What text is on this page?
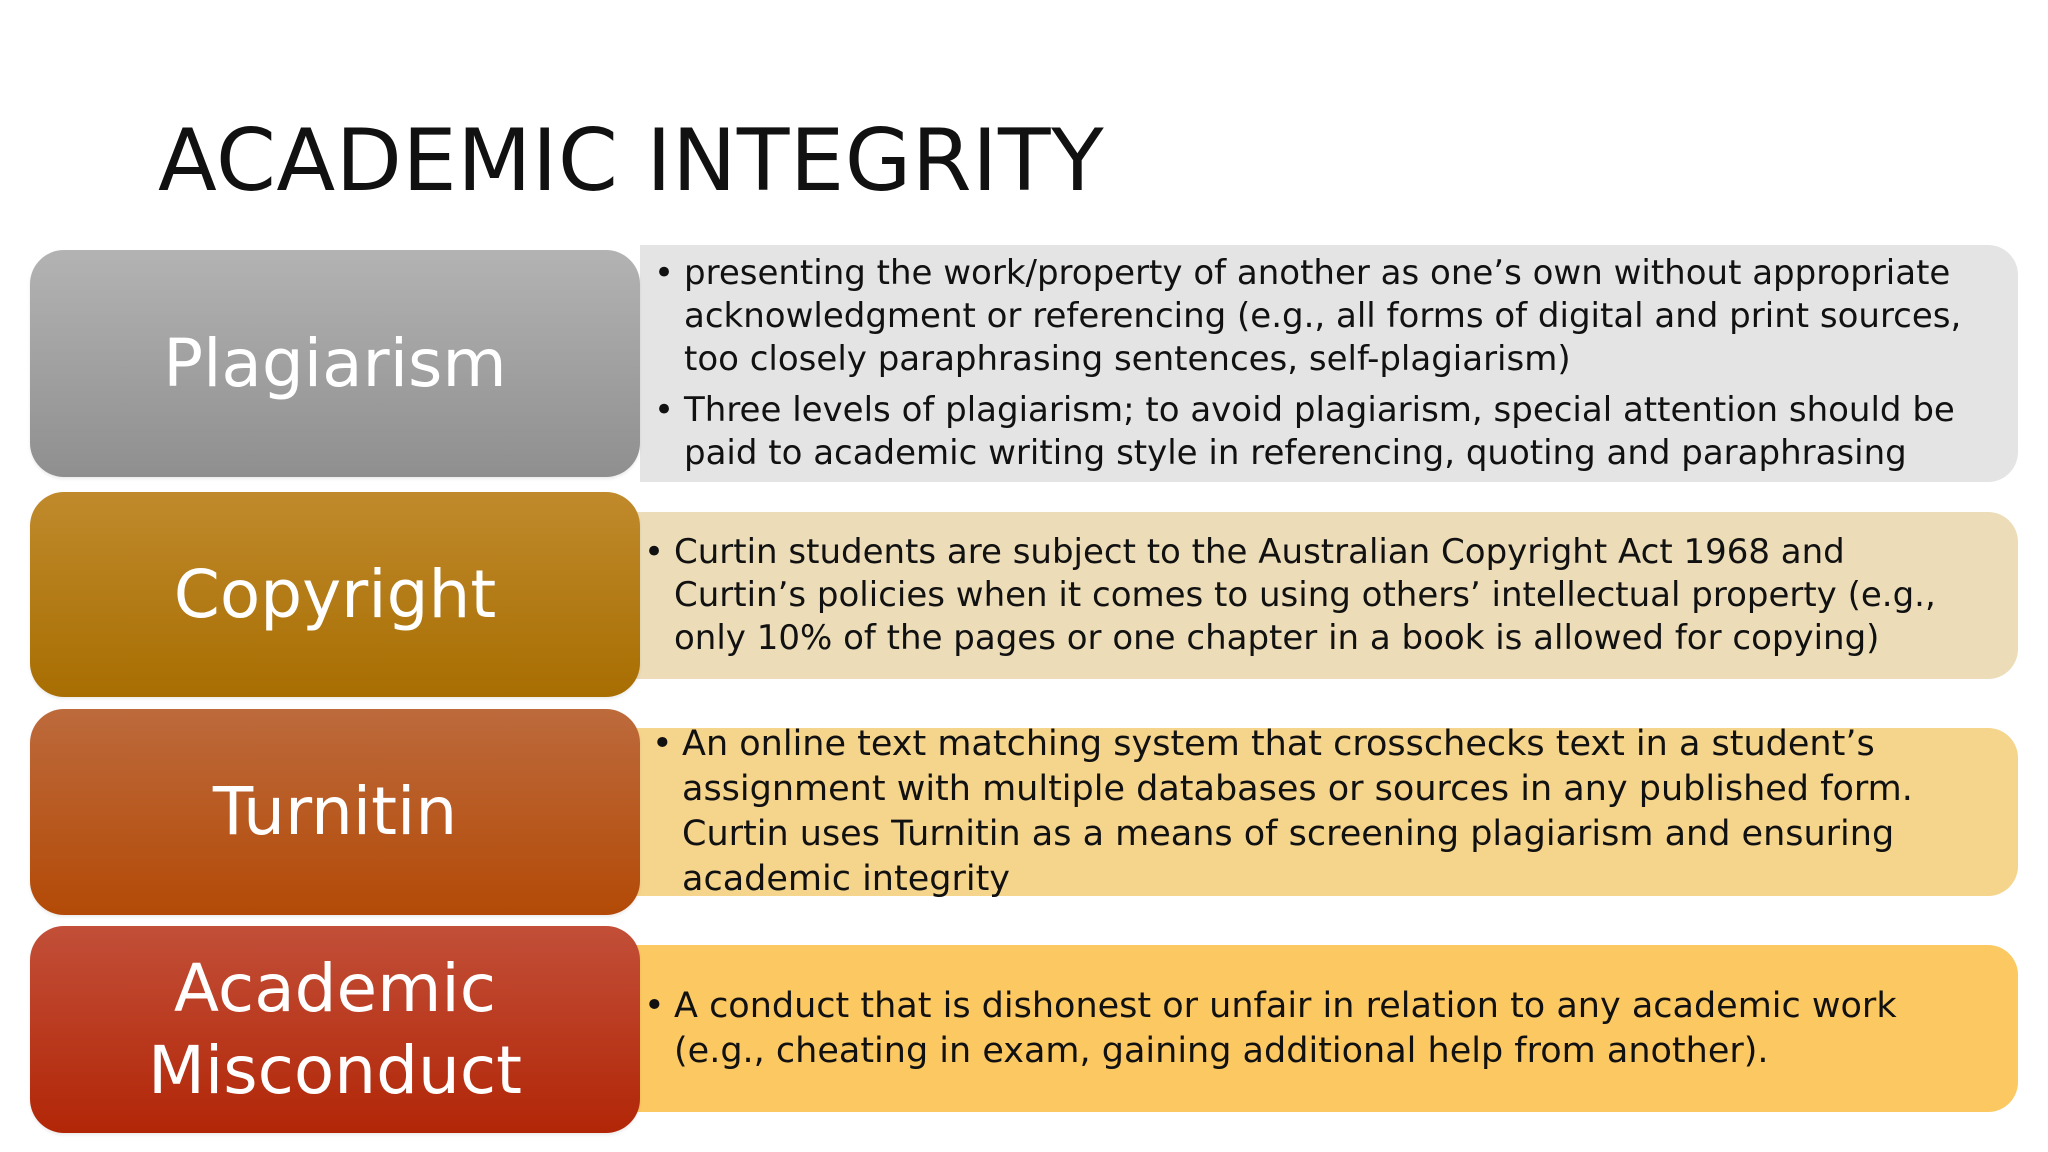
ACADEMIC INTEGRITY
Plagiarism
• presenting the work/property of another as one’s own without appropriate acknowledgment or referencing (e.g., all forms of digital and print sources, too closely paraphrasing sentences, self-plagiarism)
• Three levels of plagiarism; to avoid plagiarism, special attention should be paid to academic writing style in referencing, quoting and paraphrasing
Copyright
• Curtin students are subject to the Australian Copyright Act 1968 and Curtin’s policies when it comes to using others’ intellectual property (e.g., only 10% of the pages or one chapter in a book is allowed for copying)
Turnitin
• An online text matching system that crosschecks text in a student’s assignment with multiple databases or sources in any published form. Curtin uses Turnitin as a means of screening plagiarism and ensuring academic integrity
Academic
Misconduct
• A conduct that is dishonest or unfair in relation to any academic work (e.g., cheating in exam, gaining additional help from another).
